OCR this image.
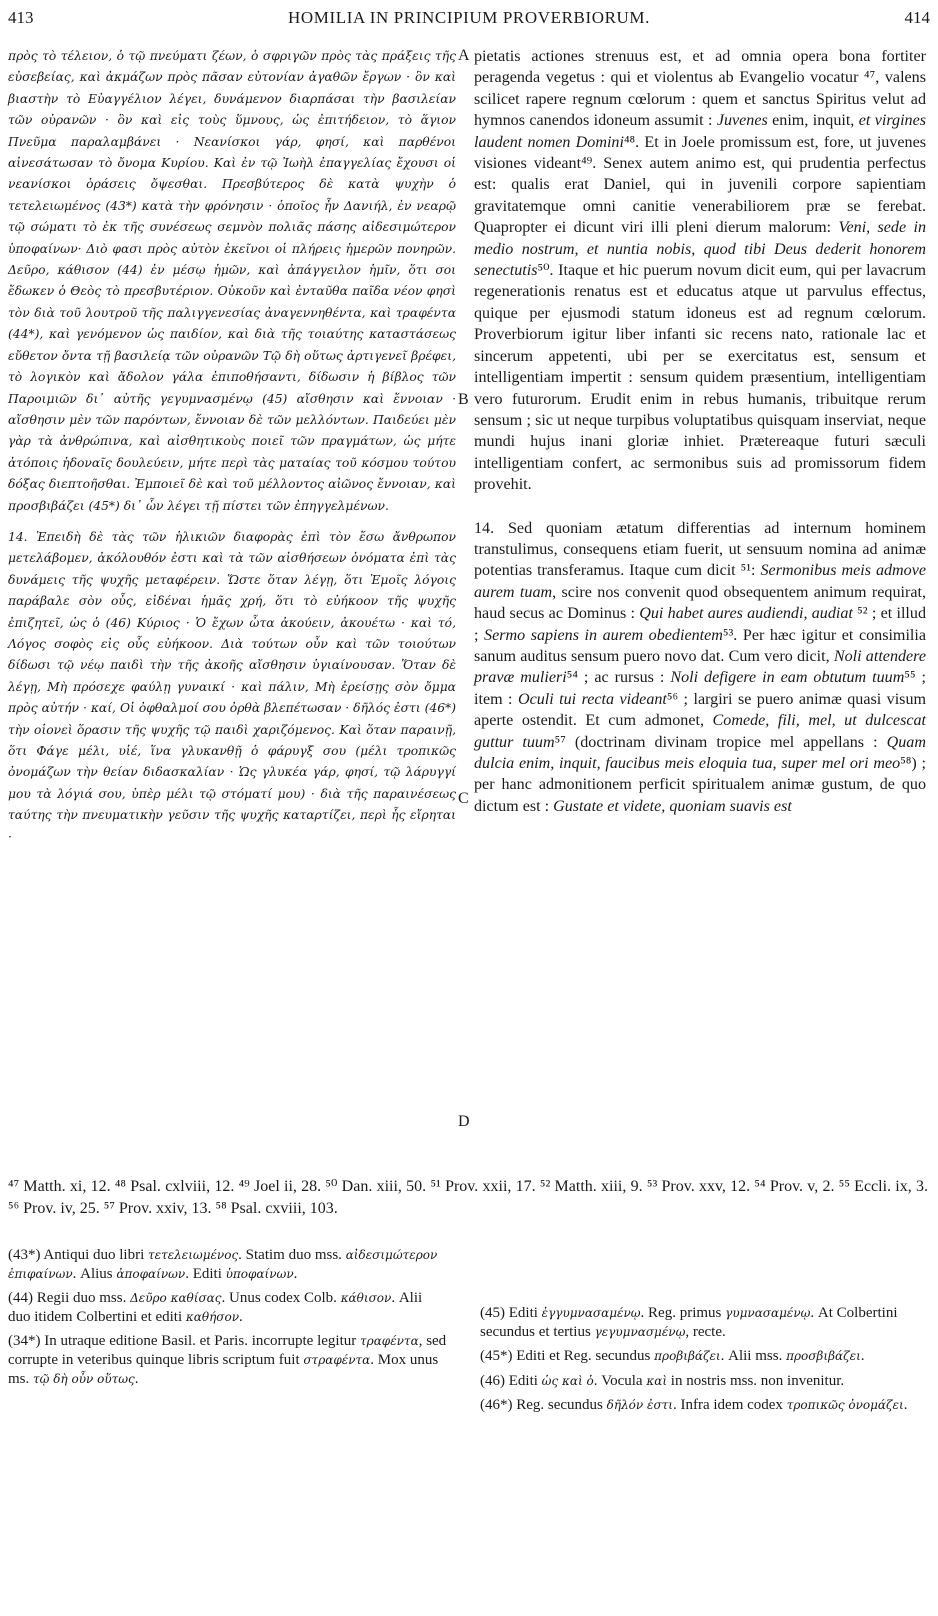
413	HOMILIA IN PRINCIPIUM PROVERBIORUM.	414

πρὸς τὸ τέλειον, ὁ τῷ πνεύματι ζέων, ὁ σφριγῶν πρὸς τὰς πράξεις τῆς εὐσεβείας, καὶ ἀκμάζων πρὸς πᾶσαν εὐτονίαν ἀγαθῶν ἔργων · ὃν καὶ βιαστὴν τὸ Εὐαγγέλιον λέγει, δυνάμενον διαρπάσαι τὴν βασιλείαν τῶν οὐρανῶν · ὃν καὶ εἰς τοὺς ὕμνους, ὡς ἐπιτήδειον, τὸ ἅγιον Πνεῦμα παραλαμβάνει · Νεανίσκοι γάρ, φησί, καὶ παρθένοι αἰνεσάτωσαν τὸ ὄνομα Κυρίου. Καὶ ἐν τῷ Ἰωὴλ ἐπαγγελίας ἔχουσι οἱ νεανίσκοι ὁράσεις ὄψεσθαι. Πρεσβύτερος δὲ κατὰ ψυχὴν ὁ τετελειωμένος (43*) κατὰ τὴν φρόνησιν · ὁποῖος ἦν Δανιήλ, ἐν νεαρῷ τῷ σώματι τὸ ἐκ τῆς συνέσεως σεμνὸν πολιᾶς πάσης αἰδεσιμώτερον ὑποφαίνων· Διὸ φασι πρὸς αὐτὸν ἐκεῖνοι οἱ πλήρεις ἡμερῶν πονηρῶν. Δεῦρο, κάθισον (44) ἐν μέσῳ ἡμῶν, καὶ ἀπάγγειλον ἡμῖν, ὅτι σοι ἔδωκεν ὁ Θεὸς τὸ πρεσβυτέριον. Οὐκοῦν καὶ ἐνταῦθα παῖδα νέον φησὶ τὸν διὰ τοῦ λουτροῦ τῆς παλιγγενεσίας ἀναγεννηθέντα, καὶ τραφέντα (44*), καὶ γενόμενον ὡς παιδίον, καὶ διὰ τῆς τοιαύτης καταστάσεως εὔθετον ὄντα τῇ βασιλείᾳ τῶν οὐρανῶν Τῷ δὴ οὕτως ἀρτιγενεῖ βρέφει, τὸ λογικὸν καὶ ἄδολον γάλα ἐπιποθήσαντι, δίδωσιν ἡ βίβλος τῶν Παροιμιῶν δι᾽ αὐτῆς γεγυμνασμένῳ (45) αἴσθησιν καὶ ἔννοιαν · αἴσθησιν μὲν τῶν παρόντων, ἔννοιαν δὲ τῶν μελλόντων. Παιδεύει μὲν γὰρ τὰ ἀνθρώπινα, καὶ αἰσθητικοὺς ποιεῖ τῶν πραγμάτων, ὡς μήτε ἀτόποις ἡδοναῖς δουλεύειν, μήτε περὶ τὰς ματαίας τοῦ κόσμου τούτου δόξας διεπτοῆσθαι. Ἐμποιεῖ δὲ καὶ τοῦ μέλλοντος αἰῶνος ἔννοιαν, καὶ προσβιβάζει (45*) δι᾽ ὧν λέγει τῇ πίστει τῶν ἐπηγγελμένων.

14. Ἐπειδὴ δὲ τὰς τῶν ἡλικιῶν διαφορὰς ἐπὶ τὸν ἔσω ἄνθρωπον μετελάβομεν, ἀκόλουθόν ἐστι καὶ τὰ τῶν αἰσθήσεων ὀνόματα ἐπὶ τὰς δυνάμεις τῆς ψυχῆς μεταφέρειν. Ὥστε ὅταν λέγῃ, ὅτι Ἐμοῖς λόγοις παράβαλε σὸν οὖς, εἰδέναι ἡμᾶς χρή, ὅτι τὸ εὐήκοον τῆς ψυχῆς ἐπιζητεῖ, ὡς ὁ (46) Κύριος · Ὁ ἔχων ὦτα ἀκούειν, ἀκουέτω · καὶ τό, Λόγος σοφὸς εἰς οὖς εὐήκοον. Διὰ τούτων οὖν καὶ τῶν τοιούτων δίδωσι τῷ νέῳ παιδὶ τὴν τῆς ἀκοῆς αἴσθησιν ὑγιαίνουσαν. Ὅταν δὲ λέγῃ, Μὴ πρόσεχε φαύλῃ γυναικί · καὶ πάλιν, Μὴ ἐρείσῃς σὸν ὄμμα πρὸς αὐτήν · καί, Οἱ ὀφθαλμοί σου ὀρθὰ βλεπέτωσαν · δῆλός ἐστι (46*) τὴν οἱονεὶ ὅρασιν τῆς ψυχῆς τῷ παιδὶ χαριζόμενος. Καὶ ὅταν παραινῇ, ὅτι Φάγε μέλι, υἱέ, ἵνα γλυκανθῇ ὁ φάρυγξ σου (μέλι τροπικῶς ὀνομάζων τὴν θείαν διδασκαλίαν · Ὡς γλυκέα γάρ, φησί, τῷ λάρυγγί μου τὰ λόγιά σου, ὑπὲρ μέλι τῷ στόματί μου) · διὰ τῆς παραινέσεως ταύτης τὴν πνευματικὴν γεῦσιν τῆς ψυχῆς καταρτίζει, περὶ ἧς εἴρηται ·

A
B
C
D

pietatis actiones strenuus est, et ad omnia opera bona fortiter peragenda vegetus : qui et violentus ab Evangelio vocatur ⁴⁷, valens scilicet rapere regnum cœlorum : quem et sanctus Spiritus velut ad hymnos canendos idoneum assumit : Juvenes enim, inquit, et virgines laudent nomen Domini⁴⁸. Et in Joele promissum est, fore, ut juvenes visiones videant⁴⁹. Senex autem animo est, qui prudentia perfectus est: qualis erat Daniel, qui in juvenili corpore sapientiam gravitatemque omni canitie venerabiliorem præ se ferebat. Quapropter ei dicunt viri illi pleni dierum malorum: Veni, sede in medio nostrum, et nuntia nobis, quod tibi Deus dederit honorem senectutis⁵⁰. Itaque et hic puerum novum dicit eum, qui per lavacrum regenerationis renatus est et educatus atque ut parvulus effectus, quique per ejusmodi statum idoneus est ad regnum cœlorum. Proverbiorum igitur liber infanti sic recens nato, rationale lac et sincerum appetenti, ubi per se exercitatus est, sensum et intelligentiam impertit : sensum quidem præsentium, intelligentiam vero futurorum. Erudit enim in rebus humanis, tribuitque rerum sensum ; sic ut neque turpibus voluptatibus quisquam inserviat, neque mundi hujus inani gloriæ inhiet. Prætereaque futuri sæculi intelligentiam confert, ac sermonibus suis ad promissorum fidem provehit.

14. Sed quoniam ætatum differentias ad internum hominem transtulimus, consequens etiam fuerit, ut sensuum nomina ad animæ potentias transferamus. Itaque cum dicit ⁵¹: Sermonibus meis admove aurem tuam, scire nos convenit quod obsequentem animum requirat, haud secus ac Dominus : Qui habet aures audiendi, audiat ⁵² ; et illud ; Sermo sapiens in aurem obedientem⁵³. Per hæc igitur et consimilia sanum auditus sensum puero novo dat. Cum vero dicit, Noli attendere pravæ mulieri⁵⁴ ; ac rursus : Noli defigere in eam obtutum tuum⁵⁵ ; item : Oculi tui recta videant⁵⁶ ; largiri se puero animæ quasi visum aperte ostendit. Et cum admonet, Comede, fili, mel, ut dulcescat guttur tuum⁵⁷ (doctrinam divinam tropice mel appellans : Quam dulcia enim, inquit, faucibus meis eloquia tua, super mel ori meo⁵⁸) ; per hanc admonitionem perficit spiritualem animæ gustum, de quo dictum est : Gustate et videte, quoniam suavis est

⁴⁷ Matth. xi, 12. ⁴⁸ Psal. cxlviii, 12. ⁴⁹ Joel ii, 28. ⁵⁰ Dan. xiii, 50. ⁵¹ Prov. xxii, 17. ⁵² Matth. xiii, 9. ⁵³ Prov. xxv, 12. ⁵⁴ Prov. v, 2. ⁵⁵ Eccli. ix, 3. ⁵⁶ Prov. iv, 25. ⁵⁷ Prov. xxiv, 13. ⁵⁸ Psal. cxviii, 103.

(43*) Antiqui duo libri τετελειωμένος. Statim duo mss. αἰδεσιμώτερον ἐπιφαίνων. Alius ἀποφαίνων. Editi ὑποφαίνων.

(44) Regii duo mss. Δεῦρο καθίσας. Unus codex Colb. κάθισον. Alii duo itidem Colbertini et editi καθήσον.

(34*) In utraque editione Basil. et Paris. incorrupte legitur τραφέντα, sed corrupte in veteribus quinque libris scriptum fuit στραφέντα. Mox unus ms. τῷ δὴ οὖν οὕτως.

(45) Editi ἐγγυμνασαμένῳ. Reg. primus γυμνασαμένῳ. At Colbertini secundus et tertius γεγυμνασμένῳ, recte.

(45*) Editi et Reg. secundus προβιβάζει. Alii mss. προσβιβάζει.

(46) Editi ὡς καὶ ὁ. Vocula καὶ in nostris mss. non invenitur.

(46*) Reg. secundus δῆλόν ἐστι. Infra idem codex τροπικῶς ὀνομάζει.
